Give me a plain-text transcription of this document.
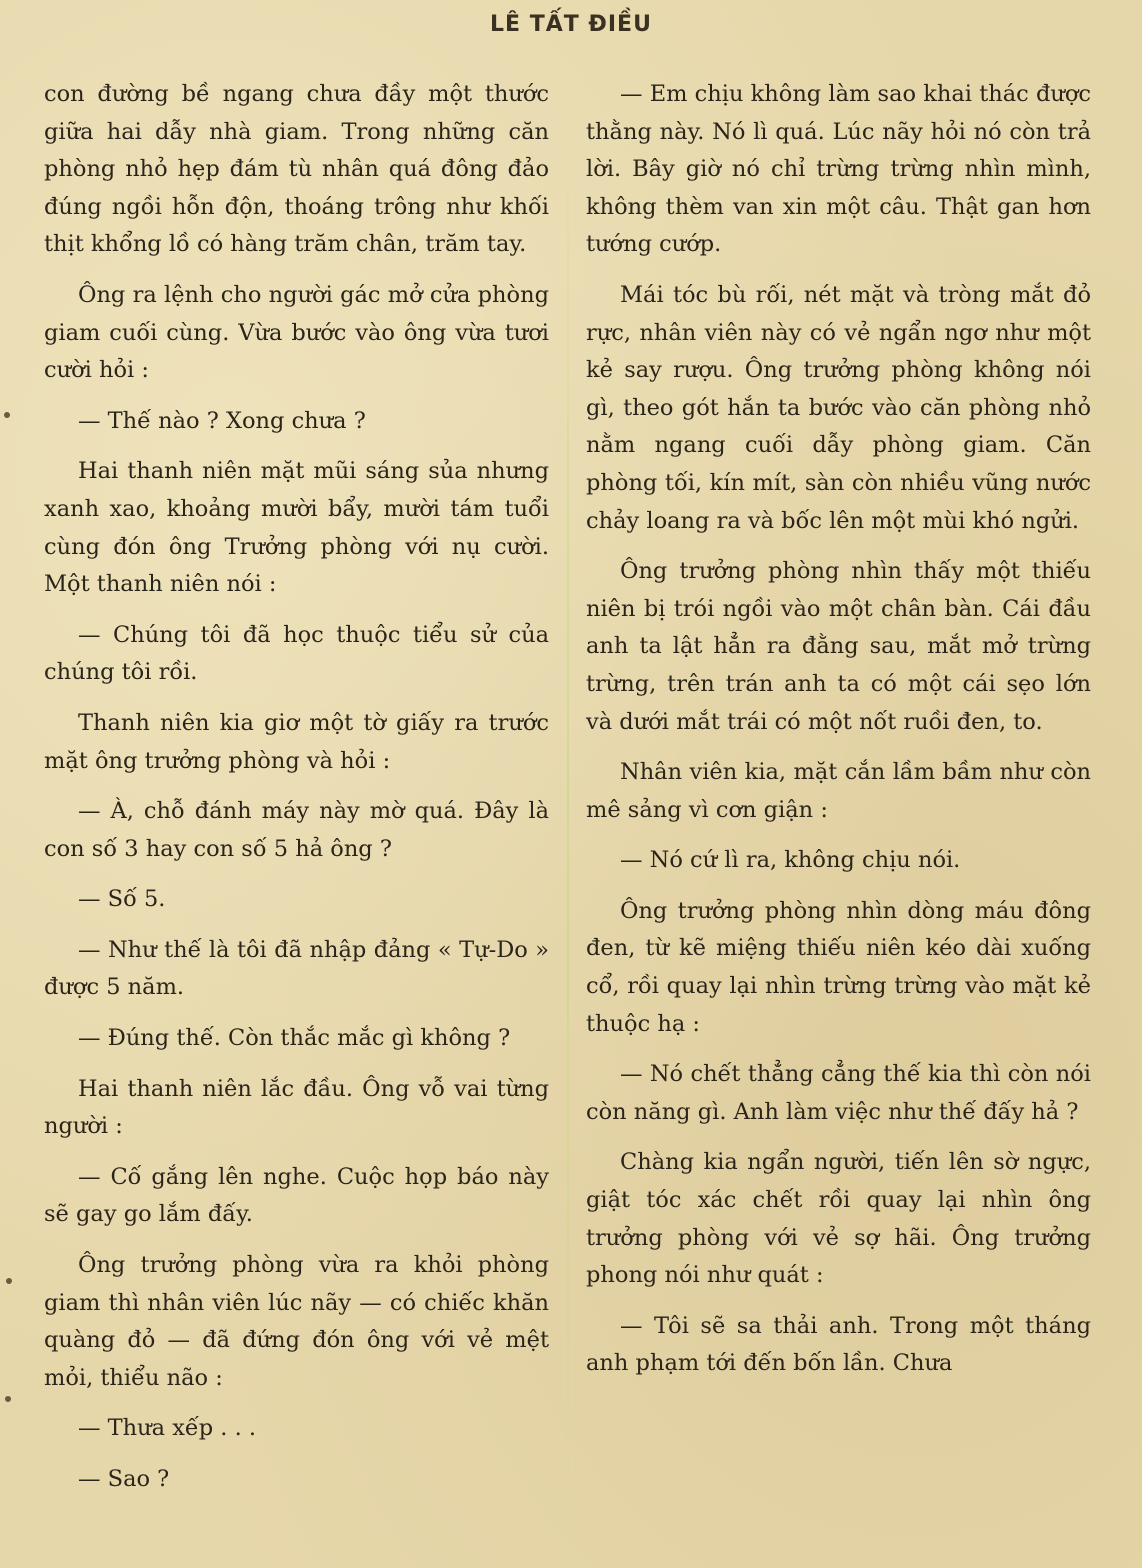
LÊ TẤT ĐIỀU

con đường bề ngang chưa đầy một thước giữa hai dẫy nhà giam. Trong những căn phòng nhỏ hẹp đám tù nhân quá đông đảo đúng ngồi hỗn độn, thoáng trông như khối thịt khổng lồ có hàng trăm chân, trăm tay.

Ông ra lệnh cho người gác mở cửa phòng giam cuối cùng. Vừa bước vào ông vừa tươi cười hỏi :

— Thế nào ? Xong chưa ?

Hai thanh niên mặt mũi sáng sủa nhưng xanh xao, khoảng mười bẩy, mười tám tuổi cùng đón ông Trưởng phòng với nụ cười. Một thanh niên nói :

— Chúng tôi đã học thuộc tiểu sử của chúng tôi rồi.

Thanh niên kia giơ một tờ giấy ra trước mặt ông trưởng phòng và hỏi :

— À, chỗ đánh máy này mờ quá. Đây là con số 3 hay con số 5 hả ông ?

— Số 5.

— Như thế là tôi đã nhập đảng « Tự-Do » được 5 năm.

— Đúng thế. Còn thắc mắc gì không ?

Hai thanh niên lắc đầu. Ông vỗ vai từng người :

— Cố gắng lên nghe. Cuộc họp báo này sẽ gay go lắm đấy.

Ông trưởng phòng vừa ra khỏi phòng giam thì nhân viên lúc nãy — có chiếc khăn quàng đỏ — đã đứng đón ông với vẻ mệt mỏi, thiểu não :

— Thưa xếp . . .

— Sao ?

— Em chịu không làm sao khai thác được thằng này. Nó lì quá. Lúc nãy hỏi nó còn trả lời. Bây giờ nó chỉ trừng trừng nhìn mình, không thèm van xin một câu. Thật gan hơn tướng cướp.

Mái tóc bù rối, nét mặt và tròng mắt đỏ rực, nhân viên này có vẻ ngẩn ngơ như một kẻ say rượu. Ông trưởng phòng không nói gì, theo gót hắn ta bước vào căn phòng nhỏ nằm ngang cuối dẫy phòng giam. Căn phòng tối, kín mít, sàn còn nhiều vũng nước chảy loang ra và bốc lên một mùi khó ngửi.

Ông trưởng phòng nhìn thấy một thiếu niên bị trói ngồi vào một chân bàn. Cái đầu anh ta lật hẳn ra đằng sau, mắt mở trừng trừng, trên trán anh ta có một cái sẹo lớn và dưới mắt trái có một nốt ruồi đen, to.

Nhân viên kia, mặt cắn lầm bầm như còn mê sảng vì cơn giận :

— Nó cứ lì ra, không chịu nói.

Ông trưởng phòng nhìn dòng máu đông đen, từ kẽ miệng thiếu niên kéo dài xuống cổ, rồi quay lại nhìn trừng trừng vào mặt kẻ thuộc hạ :

— Nó chết thẳng cẳng thế kia thì còn nói còn năng gì. Anh làm việc như thế đấy hả ?

Chàng kia ngẩn người, tiến lên sờ ngực, giật tóc xác chết rồi quay lại nhìn ông trưởng phòng với vẻ sợ hãi. Ông trưởng phong nói như quát :

— Tôi sẽ sa thải anh. Trong một tháng anh phạm tới đến bốn lần. Chưa
